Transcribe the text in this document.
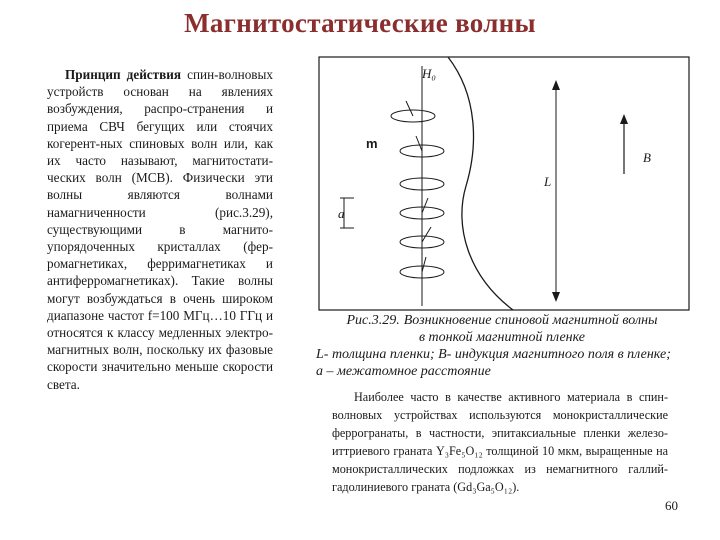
Магнитостатические волны

Принцип действия спин-волновых устройств основан на явлениях возбуждения, распро-странения и приема СВЧ бегущих или стоячих когерент-ных спиновых волн или, как их часто называют, магнитостати-ческих волн (МСВ). Физически эти волны являются волнами намагниченности (рис.3.29), существующими в магнито-упорядоченных кристаллах (фер-ромагнетиках, ферримагнетиках и антиферромагнетиках). Такие волны могут возбуждаться в очень широком диапазоне частот f=100 МГц…10 ГГц и относятся к классу медленных электро-магнитных волн, поскольку их фазовые скорости значительно меньше скорости света.

H₀
m
a
B
L
Рис.3.29. Возникновение спиновой магнитной волны
в тонкой магнитной пленке
L- толщина пленки; B- индукция магнитного поля в пленке;
a – межатомное расстояние

Наиболее часто в качестве активного материала в спин-волновых устройствах используются монокристаллические феррогранаты, в частности, эпитаксиальные пленки железо-иттриевого граната Y₃Fe₅O₁₂ толщиной 10 мкм, выращенные на монокристаллических подложках из немагнитного галлий-гадолиниевого граната (Gd₃Ga₅O₁₂).

60
